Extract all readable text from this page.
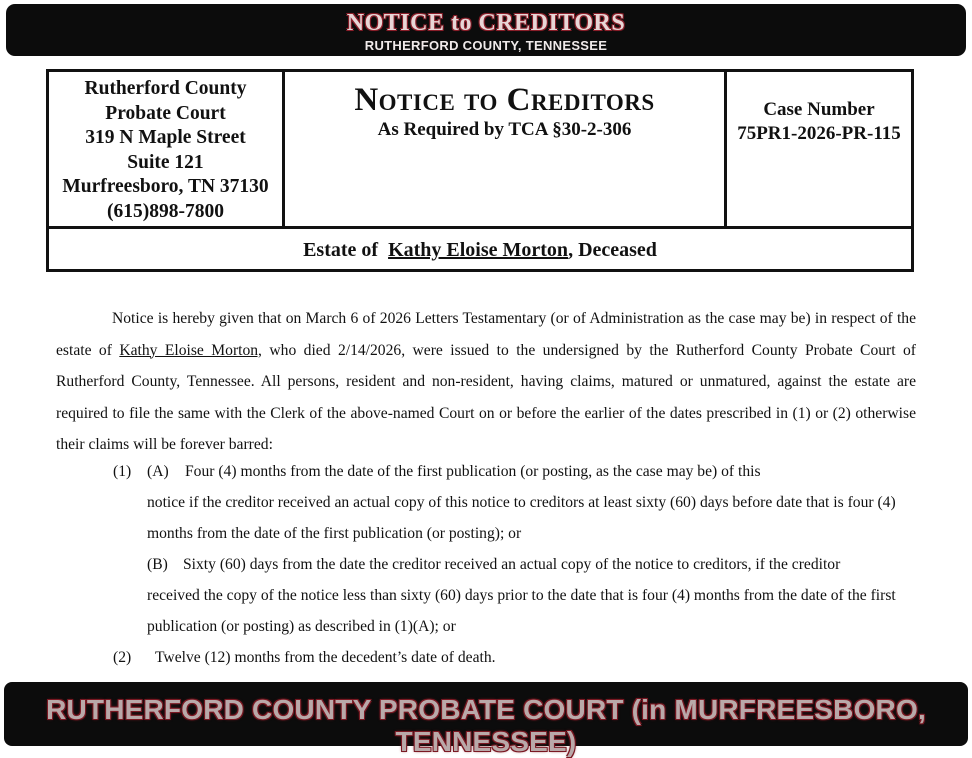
NOTICE to CREDITORS
RUTHERFORD COUNTY, TENNESSEE
Rutherford County
Probate Court
319 N Maple Street
Suite 121
Murfreesboro, TN 37130
(615)898-7800
Notice to Creditors
As Required by TCA §30-2-306
Case Number
75PR1-2026-PR-115
Estate of Kathy Eloise Morton, Deceased

Notice is hereby given that on March 6 of 2026 Letters Testamentary (or of Administration as the case may be) in respect of the estate of Kathy Eloise Morton, who died 2/14/2026, were issued to the undersigned by the Rutherford County Probate Court of Rutherford County, Tennessee. All persons, resident and non-resident, having claims, matured or unmatured, against the estate are required to file the same with the Clerk of the above-named Court on or before the earlier of the dates prescribed in (1) or (2) otherwise their claims will be forever barred:

(1) (A) Four (4) months from the date of the first publication (or posting, as the case may be) of this
notice if the creditor received an actual copy of this notice to creditors at least sixty (60) days before date that is four (4)
months from the date of the first publication (or posting); or
(B) Sixty (60) days from the date the creditor received an actual copy of the notice to creditors, if the creditor
received the copy of the notice less than sixty (60) days prior to the date that is four (4) months from the date of the first
publication (or posting) as described in (1)(A); or
(2) Twelve (12) months from the decedent’s date of death.
RUTHERFORD COUNTY PROBATE COURT (in MURFREESBORO, TENNESSEE)
